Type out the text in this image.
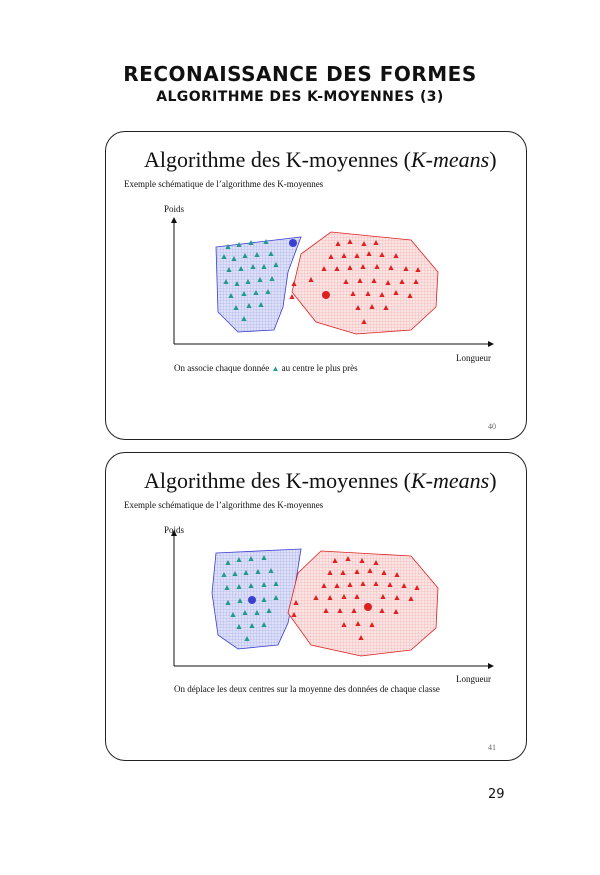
RECONAISSANCE DES FORMES
ALGORITHME DES K-MOYENNES (3)
Algorithme des K-moyennes (K-means)
Exemple schématique de l’algorithme des K-moyennes
Poids
Longueur
On associe chaque donnée ▲ au centre le plus près
40
Algorithme des K-moyennes (K-means)
Exemple schématique de l’algorithme des K-moyennes
Poids
Longueur
On déplace les deux centres sur la moyenne des données de chaque classe
41
29
